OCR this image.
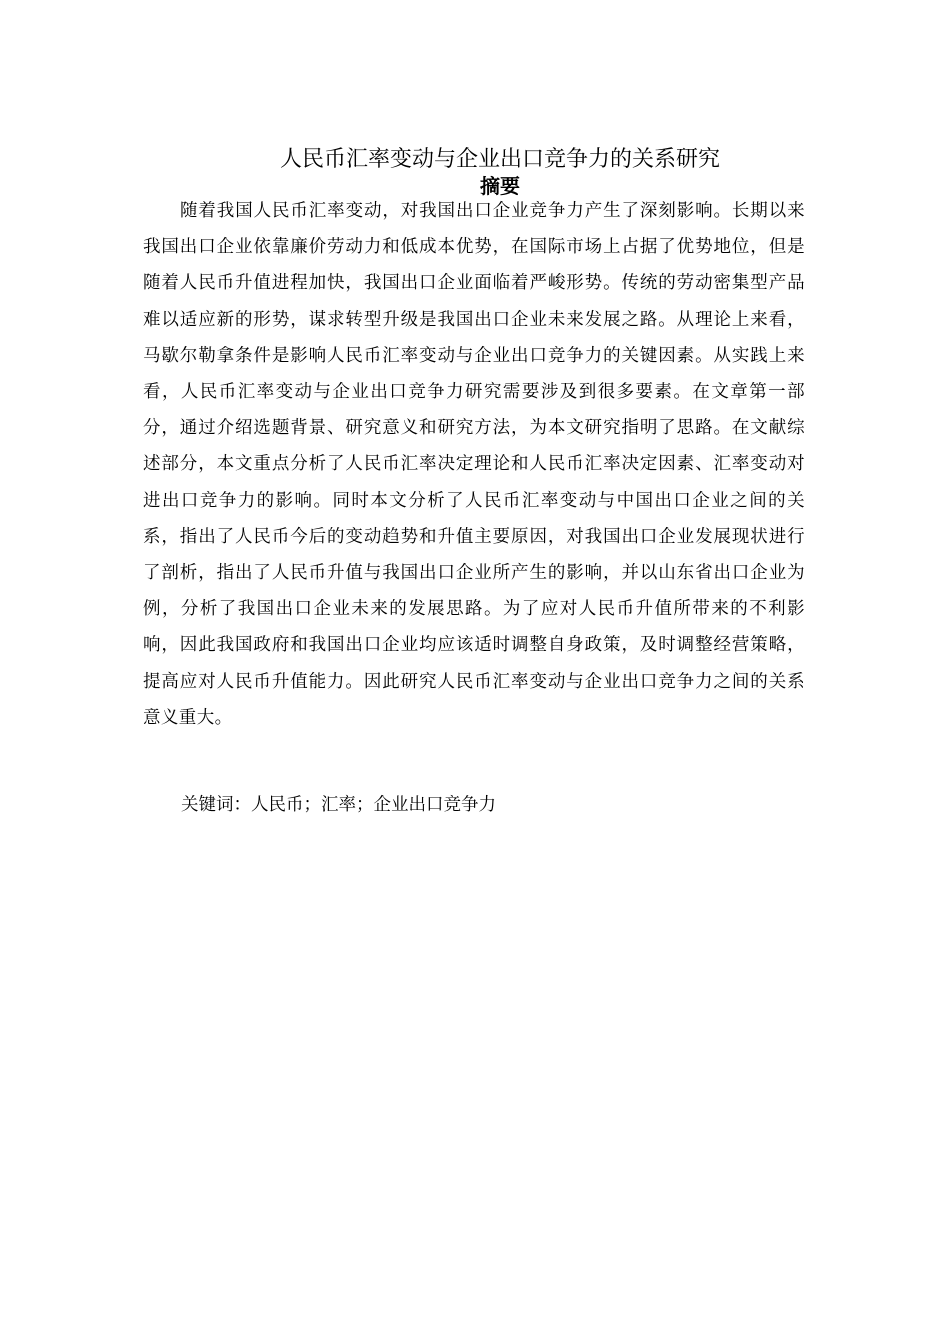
人民币汇率变动与企业出口竞争力的关系研究
摘要

随着我国人民币汇率变动，对我国出口企业竞争力产生了深刻影响。长期以来我国出口企业依靠廉价劳动力和低成本优势，在国际市场上占据了优势地位，但是随着人民币升值进程加快，我国出口企业面临着严峻形势。传统的劳动密集型产品难以适应新的形势，谋求转型升级是我国出口企业未来发展之路。从理论上来看，马歇尔勒拿条件是影响人民币汇率变动与企业出口竞争力的关键因素。从实践上来看，人民币汇率变动与企业出口竞争力研究需要涉及到很多要素。在文章第一部分，通过介绍选题背景、研究意义和研究方法，为本文研究指明了思路。在文献综述部分，本文重点分析了人民币汇率决定理论和人民币汇率决定因素、汇率变动对进出口竞争力的影响。同时本文分析了人民币汇率变动与中国出口企业之间的关系，指出了人民币今后的变动趋势和升值主要原因，对我国出口企业发展现状进行了剖析，指出了人民币升值与我国出口企业所产生的影响，并以山东省出口企业为例，分析了我国出口企业未来的发展思路。为了应对人民币升值所带来的不利影响，因此我国政府和我国出口企业均应该适时调整自身政策，及时调整经营策略，提高应对人民币升值能力。因此研究人民币汇率变动与企业出口竞争力之间的关系意义重大。

关键词：人民币；汇率；企业出口竞争力
